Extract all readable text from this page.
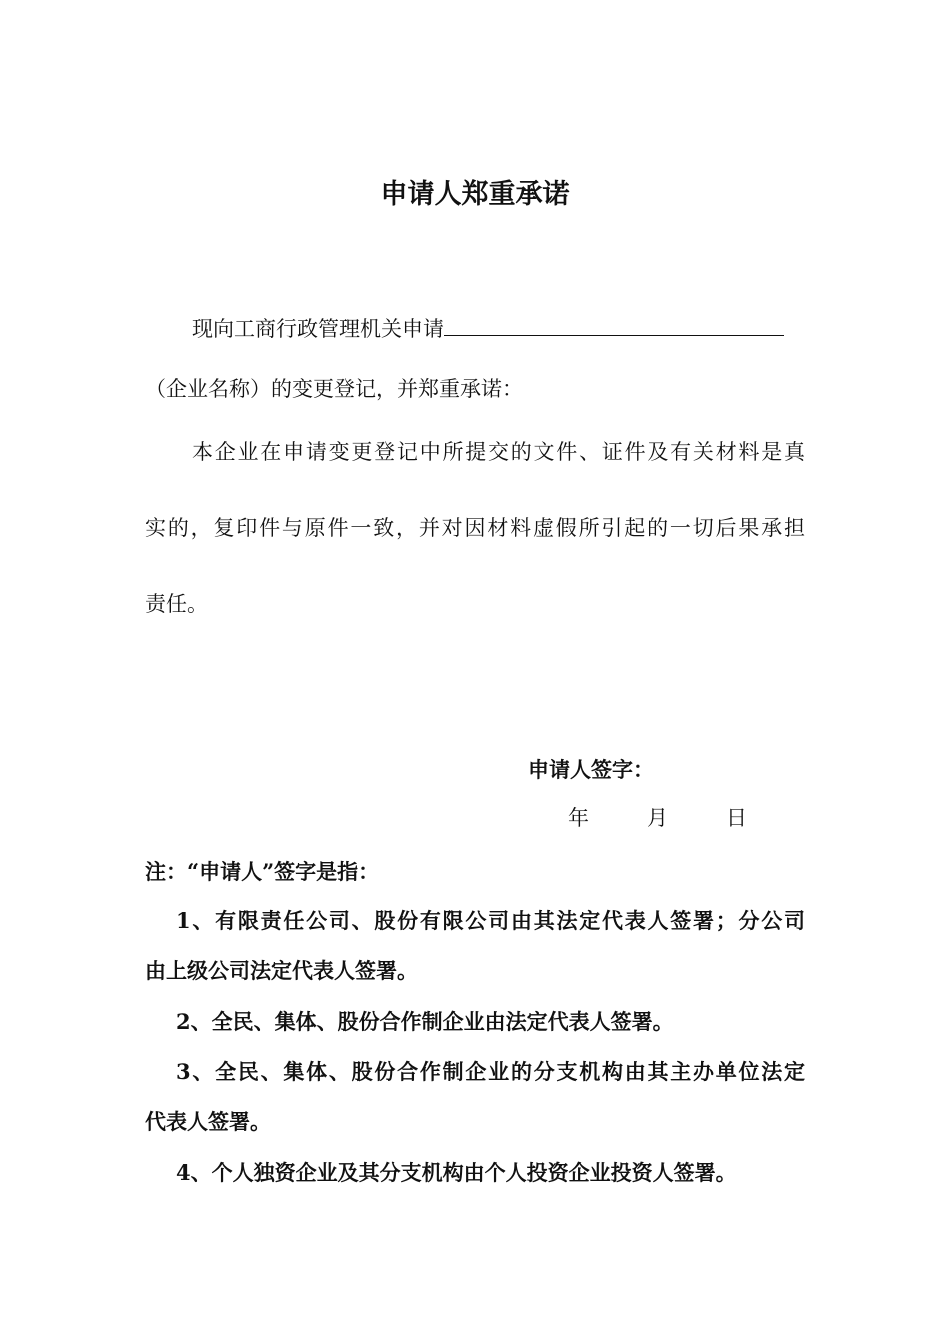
申请人郑重承诺
现向工商行政管理机关申请
（企业名称）的变更登记，并郑重承诺：
本企业在申请变更登记中所提交的文件、证件及有关材料是真
实的，复印件与原件一致，并对因材料虚假所引起的一切后果承担
责任。
申请人签字：
年	月	日
注：“申请人”签字是指：
1、有限责任公司、股份有限公司由其法定代表人签署；分公司
由上级公司法定代表人签署。
2、全民、集体、股份合作制企业由法定代表人签署。
3、全民、集体、股份合作制企业的分支机构由其主办单位法定
代表人签署。
4、个人独资企业及其分支机构由个人投资企业投资人签署。
